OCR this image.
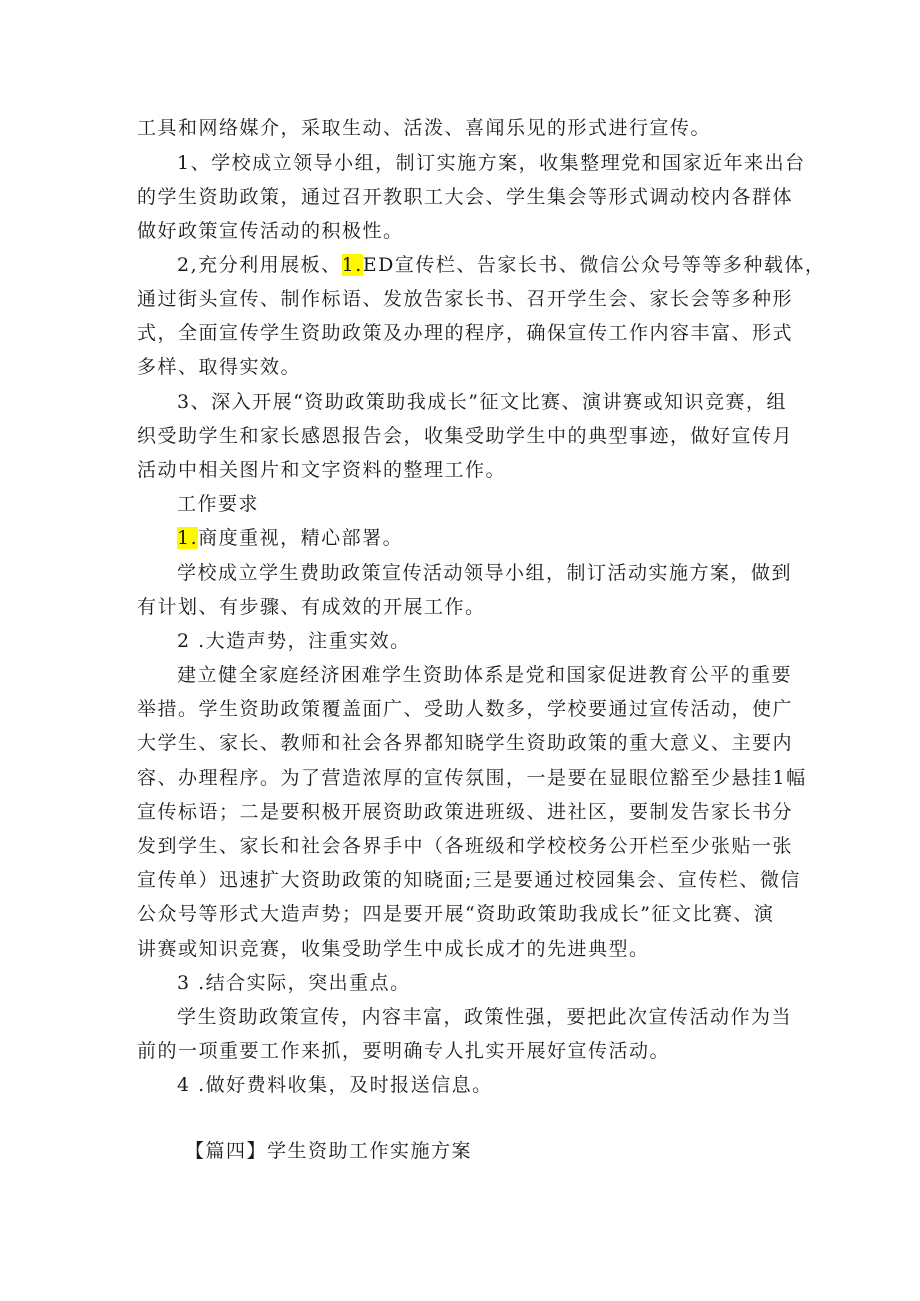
工具和网络媒介，采取生动、活泼、喜闻乐见的形式进行宣传。
1、学校成立领导小组，制订实施方案，收集整理党和国家近年来出台
的学生资助政策，通过召开教职工大会、学生集会等形式调动校内各群体
做好政策宣传活动的积极性。
2,充分利用展板、1.ED宣传栏、告家长书、微信公众号等等多种载体，
通过街头宣传、制作标语、发放告家长书、召开学生会、家长会等多种形
式，全面宣传学生资助政策及办理的程序，确保宣传工作内容丰富、形式
多样、取得实效。
3、深入开展“资助政策助我成长”征文比赛、演讲赛或知识竞赛，组
织受助学生和家长感恩报告会，收集受助学生中的典型事迹，做好宣传月
活动中相关图片和文字资料的整理工作。
工作要求
1.商度重视，精心部署。
学校成立学生费助政策宣传活动领导小组，制订活动实施方案，做到
有计划、有步骤、有成效的开展工作。
2 .大造声势，注重实效。
建立健全家庭经济困难学生资助体系是党和国家促进教育公平的重要
举措。学生资助政策覆盖面广、受助人数多，学校要通过宣传活动，使广
大学生、家长、教师和社会各界都知晓学生资助政策的重大意义、主要内
容、办理程序。为了营造浓厚的宣传氛围，一是要在显眼位豁至少悬挂1幅
宣传标语；二是要积极开展资助政策进班级、进社区，要制发告家长书分
发到学生、家长和社会各界手中（各班级和学校校务公开栏至少张贴一张
宣传单）迅速扩大资助政策的知晓面;三是要通过校园集会、宣传栏、微信
公众号等形式大造声势；四是要开展“资助政策助我成长”征文比赛、演
讲赛或知识竞赛，收集受助学生中成长成才的先进典型。
3 .结合实际，突出重点。
学生资助政策宣传，内容丰富，政策性强，要把此次宣传活动作为当
前的一项重要工作来抓，要明确专人扎实开展好宣传活动。
4 .做好费料收集，及时报送信息。
【篇四】学生资助工作实施方案
